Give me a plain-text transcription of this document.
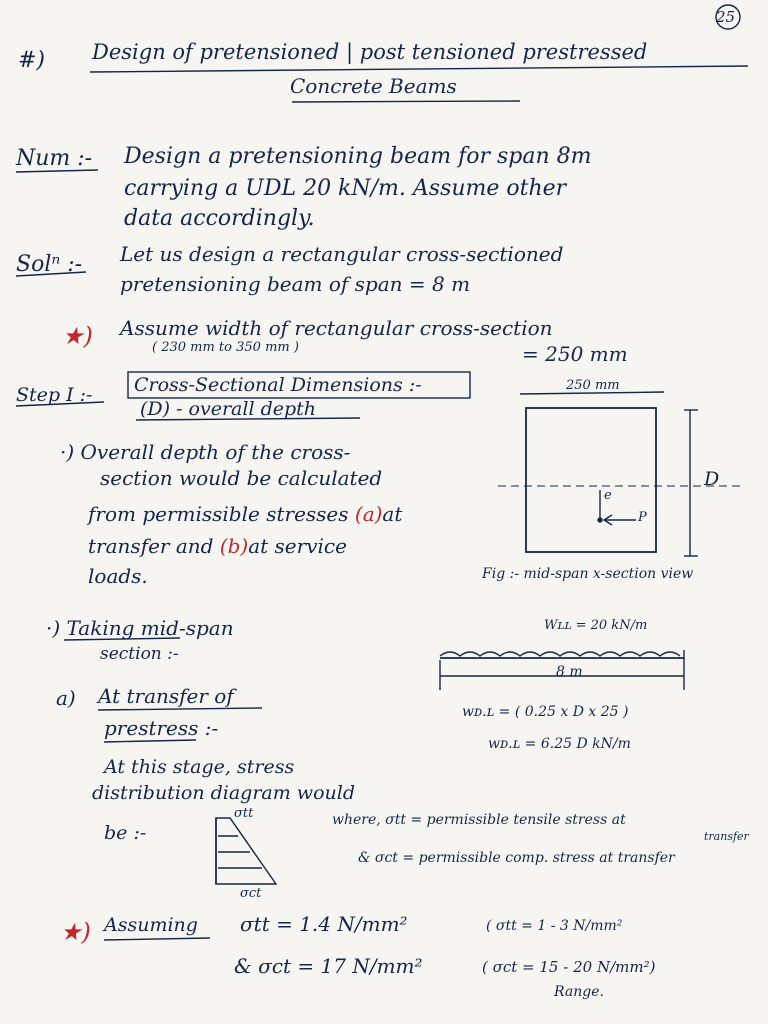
25
#) Design of pretensioned | post tensioned prestressed
Concrete Beams
Num :- Design a pretensioning beam for span 8m
carrying a UDL 20 kN/m. Assume other
data accordingly.
Solⁿ :- Let us design a rectangular cross-sectioned
pretensioning beam of span = 8 m
★) Assume width of rectangular cross-section
( 230 mm to 350 mm )	= 250 mm
Step I :- Cross-Sectional Dimensions :-
(D) - overall depth
·) Overall depth of the cross-
section would be calculated
from permissible stresses (a)at
transfer and (b)at service
loads.
250 mm
D
e
P
Fig :- mid-span x-section view
·) Taking mid-span
section :-
Wʟʟ = 20 kN/m
8 m
wᴅ.ʟ = ( 0.25 x D x 25 )
wᴅ.ʟ = 6.25 D kN/m
a) At transfer of
prestress :-
At this stage, stress
distribution diagram would
be :-
σtt
σct
where, σtt = permissible tensile stress at
transfer
& σct = permissible comp. stress at transfer
★) Assuming σtt = 1.4 N/mm²
& σct = 17 N/mm²
( σtt = 1 - 3 N/mm²
( σct = 15 - 20 N/mm²)
Range.
